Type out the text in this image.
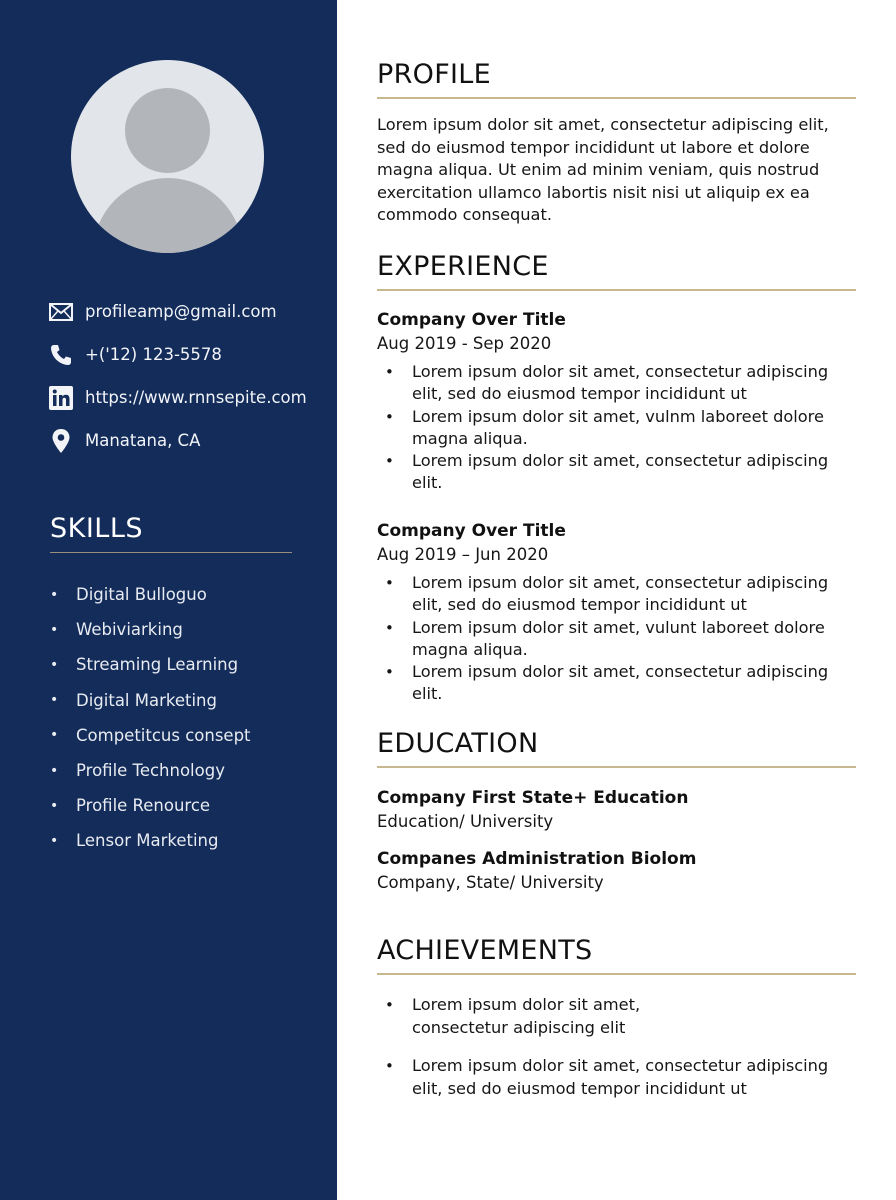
profileamp@gmail.com
+('12) 123-5578
https://www.rnnsepite.com
Manatana, CA
SKILLS
•	Digital Bulloguo
•	Webiviarking
•	Streaming Learning
•	Digital Marketing
•	Competitcus consept
•	Profile Technology
•	Profile Renource
•	Lensor Marketing
PROFILE
Lorem ipsum dolor sit amet, consectetur adipiscing elit, sed do eiusmod tempor incididunt ut labore et dolore magna aliqua. Ut enim ad minim veniam, quis nostrud exercitation ullamco labortis nisit nisi ut aliquip ex ea commodo consequat.
EXPERIENCE
Company Over Title
Aug 2019 - Sep 2020
• Lorem ipsum dolor sit amet, consectetur adipiscing elit, sed do eiusmod tempor incididunt ut
• Lorem ipsum dolor sit amet, vulnm laboreet dolore magna aliqua.
• Lorem ipsum dolor sit amet, consectetur adipiscing elit.
Company Over Title
Aug 2019 – Jun 2020
• Lorem ipsum dolor sit amet, consectetur adipiscing elit, sed do eiusmod tempor incididunt ut
• Lorem ipsum dolor sit amet, vulunt laboreet dolore magna aliqua.
• Lorem ipsum dolor sit amet, consectetur adipiscing elit.
EDUCATION
Company First State+ Education
Education/ University
Companes Administration Biolom
Company, State/ University
ACHIEVEMENTS
• Lorem ipsum dolor sit amet, consectetur adipiscing elit
• Lorem ipsum dolor sit amet, consectetur adipiscing elit, sed do eiusmod tempor incididunt ut
